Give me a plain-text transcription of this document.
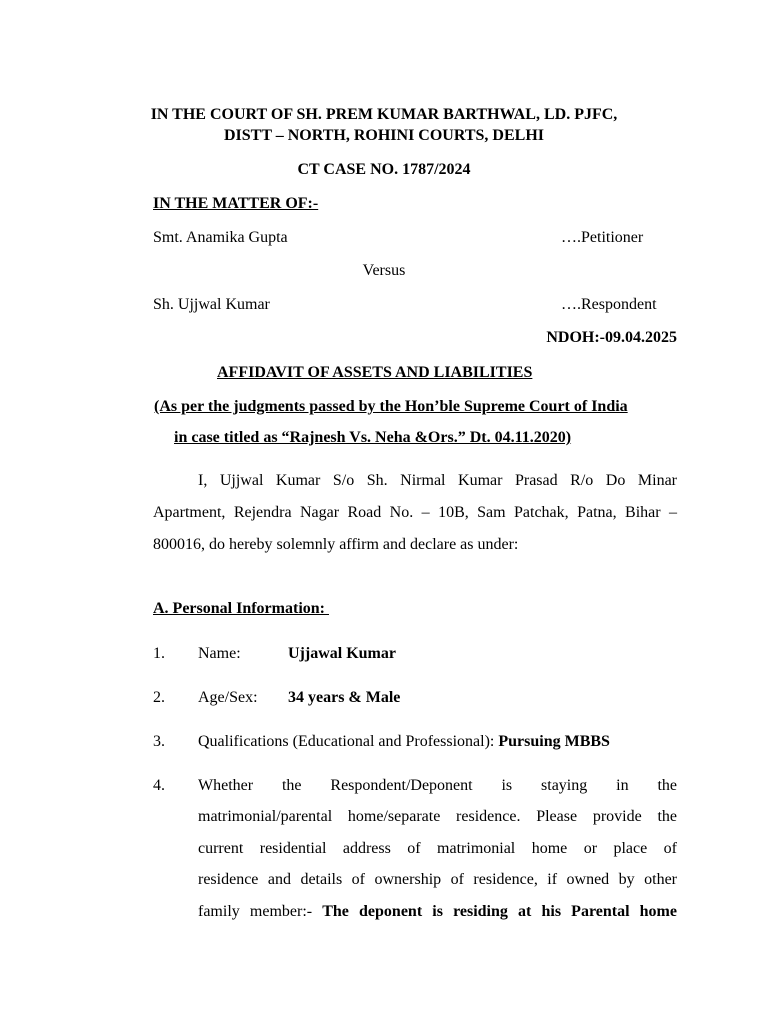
IN THE COURT OF SH. PREM KUMAR BARTHWAL, LD. PJFC,
DISTT – NORTH, ROHINI COURTS, DELHI
CT CASE NO. 1787/2024
IN THE MATTER OF:-
Smt. Anamika Gupta	….Petitioner
Versus
Sh. Ujjwal Kumar	….Respondent
NDOH:-09.04.2025
AFFIDAVIT OF ASSETS AND LIABILITIES
(As per the judgments passed by the Hon’ble Supreme Court of India
in case titled as “Rajnesh Vs. Neha &Ors.” Dt. 04.11.2020)
I, Ujjwal Kumar S/o Sh. Nirmal Kumar Prasad R/o Do Minar
Apartment, Rejendra Nagar Road No. – 10B, Sam Patchak, Patna, Bihar –
800016, do hereby solemnly affirm and declare as under:
A. Personal Information:
1. Name:	Ujjawal Kumar
2. Age/Sex: 34 years & Male
3. Qualifications (Educational and Professional): Pursuing MBBS
4. Whether the Respondent/Deponent is staying in the
matrimonial/parental home/separate residence. Please provide the
current residential address of matrimonial home or place of
residence and details of ownership of residence, if owned by other
family member:- The deponent is residing at his Parental home
